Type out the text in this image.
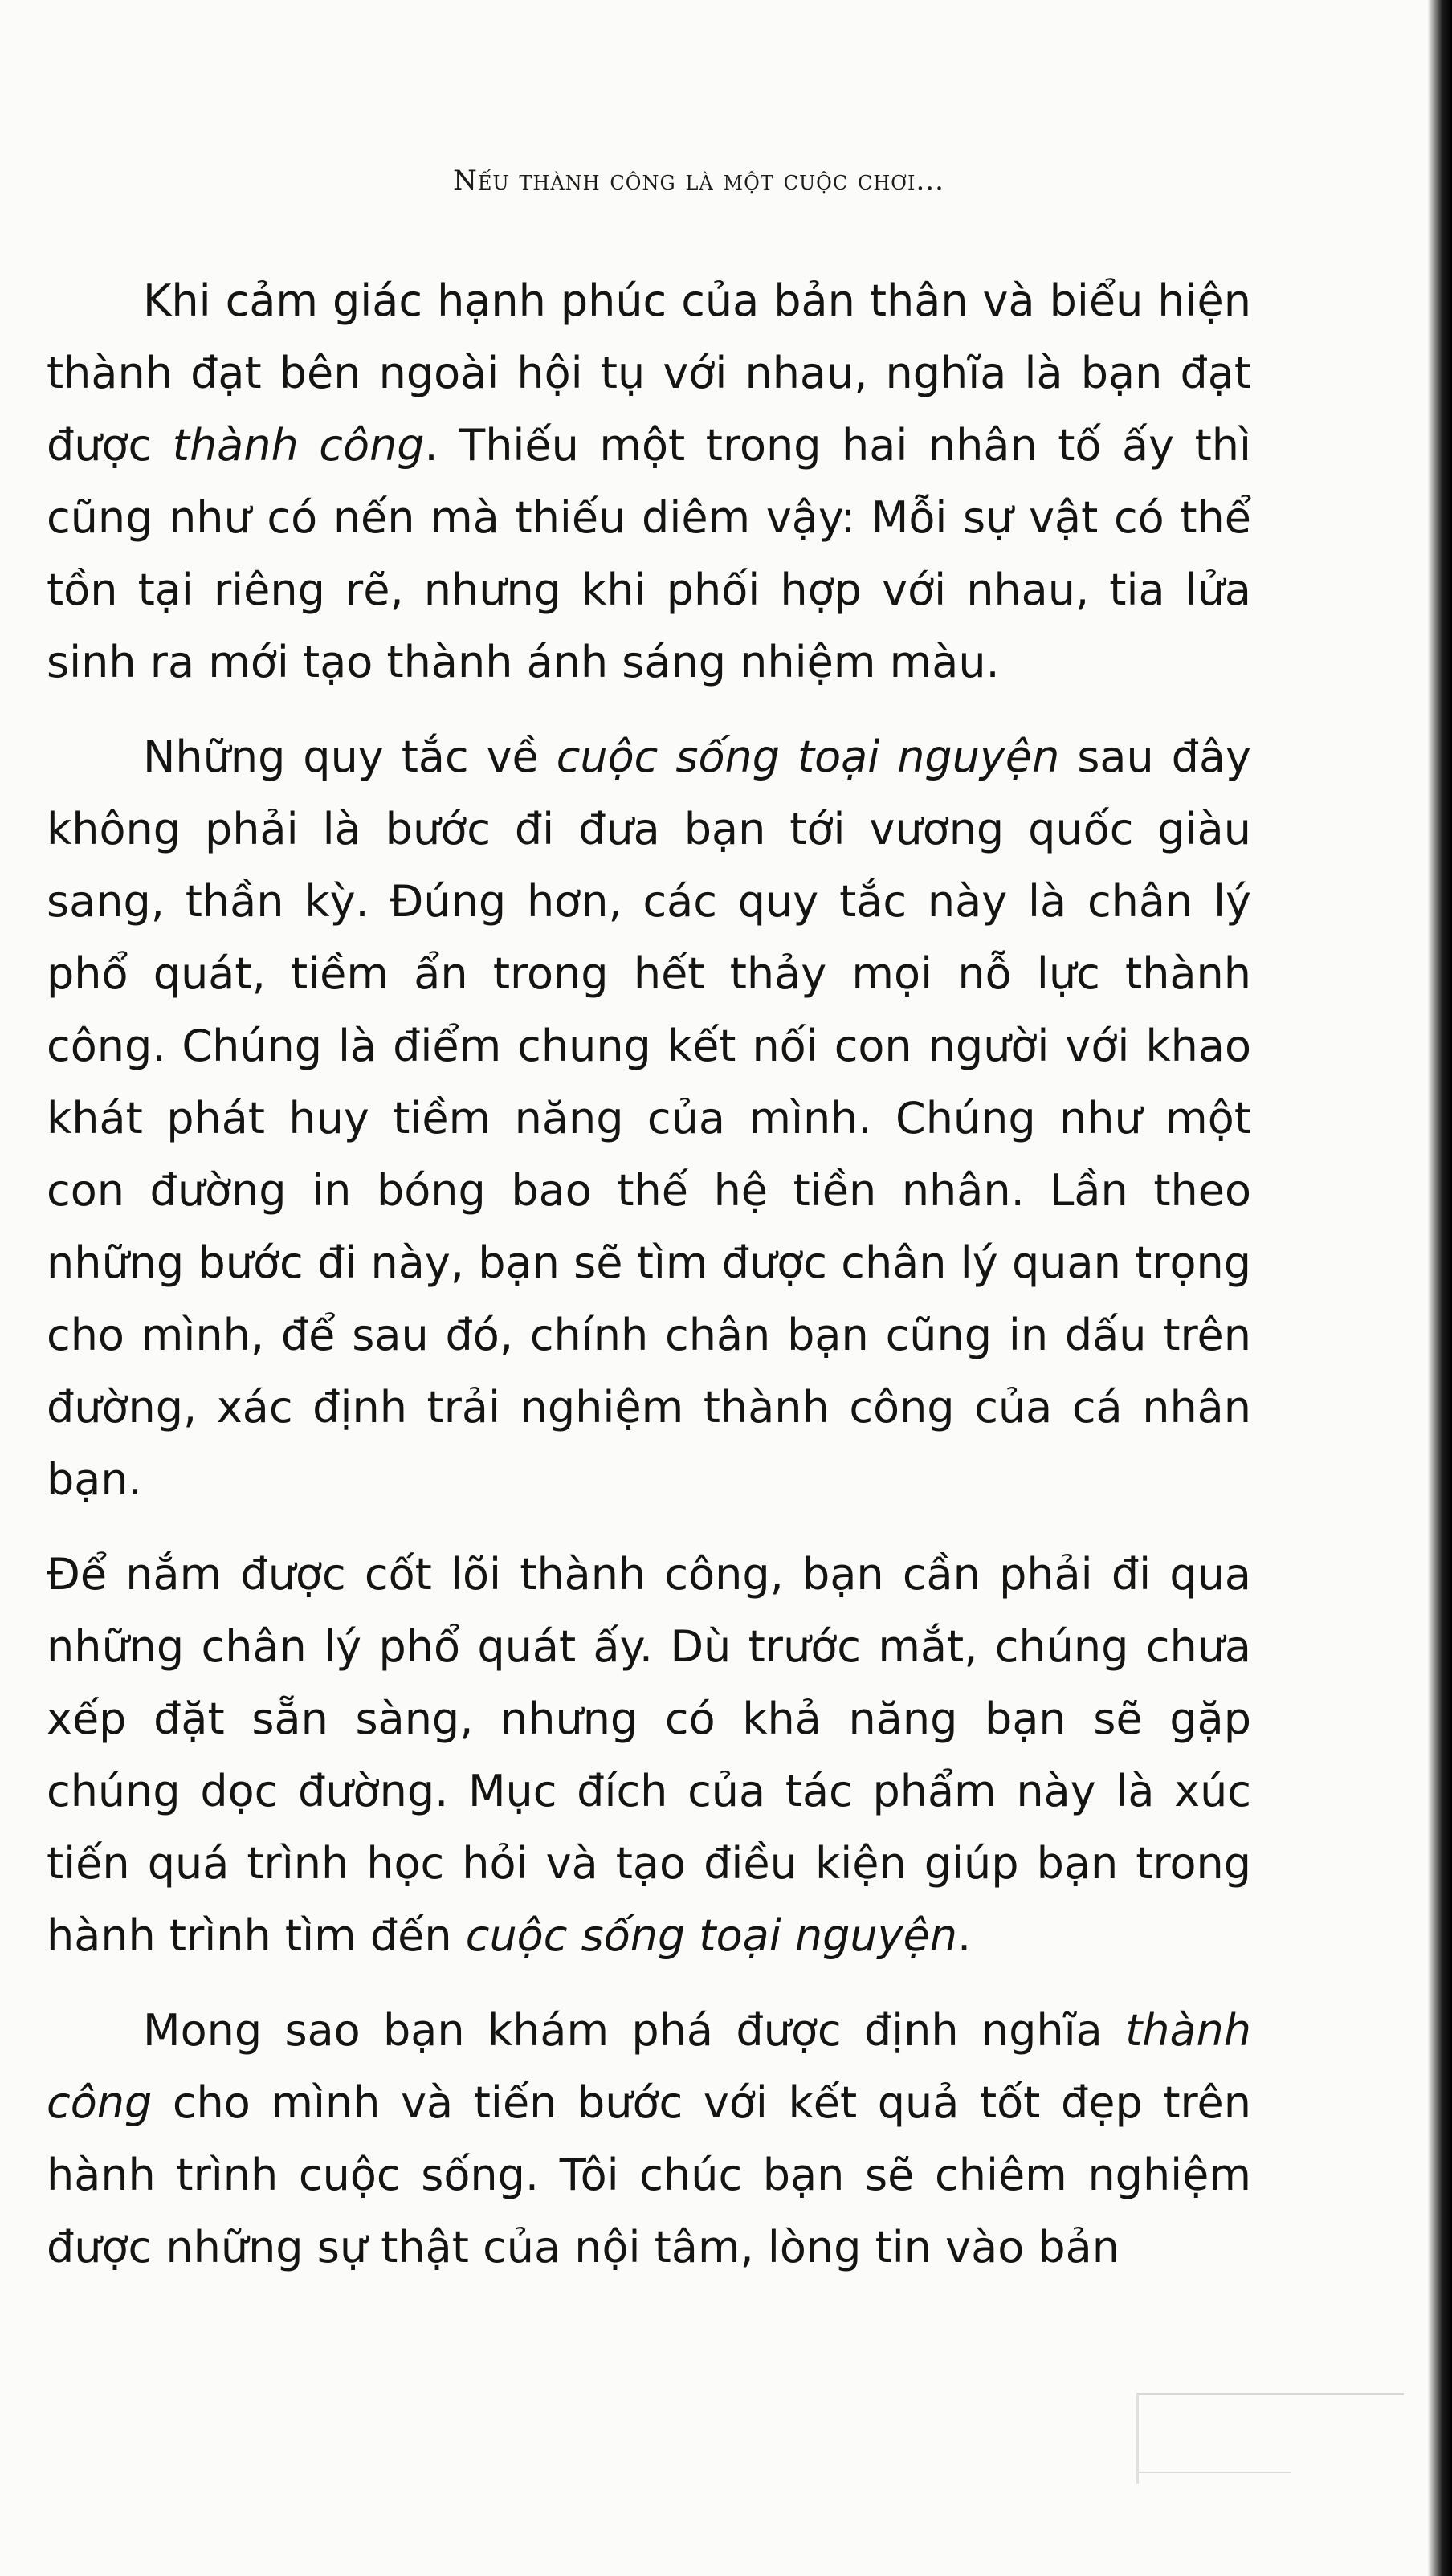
Nếu thành công là một cuộc chơi...

Khi cảm giác hạnh phúc của bản thân và biểu hiện thành đạt bên ngoài hội tụ với nhau, nghĩa là bạn đạt được thành công. Thiếu một trong hai nhân tố ấy thì cũng như có nến mà thiếu diêm vậy: Mỗi sự vật có thể tồn tại riêng rẽ, nhưng khi phối hợp với nhau, tia lửa sinh ra mới tạo thành ánh sáng nhiệm màu.

Những quy tắc về cuộc sống toại nguyện sau đây không phải là bước đi đưa bạn tới vương quốc giàu sang, thần kỳ. Đúng hơn, các quy tắc này là chân lý phổ quát, tiềm ẩn trong hết thảy mọi nỗ lực thành công. Chúng là điểm chung kết nối con người với khao khát phát huy tiềm năng của mình. Chúng như một con đường in bóng bao thế hệ tiền nhân. Lần theo những bước đi này, bạn sẽ tìm được chân lý quan trọng cho mình, để sau đó, chính chân bạn cũng in dấu trên đường, xác định trải nghiệm thành công của cá nhân bạn.

Để nắm được cốt lõi thành công, bạn cần phải đi qua những chân lý phổ quát ấy. Dù trước mắt, chúng chưa xếp đặt sẵn sàng, nhưng có khả năng bạn sẽ gặp chúng dọc đường. Mục đích của tác phẩm này là xúc tiến quá trình học hỏi và tạo điều kiện giúp bạn trong hành trình tìm đến cuộc sống toại nguyện.

Mong sao bạn khám phá được định nghĩa thành công cho mình và tiến bước với kết quả tốt đẹp trên hành trình cuộc sống. Tôi chúc bạn sẽ chiêm nghiệm được những sự thật của nội tâm, lòng tin vào bản
